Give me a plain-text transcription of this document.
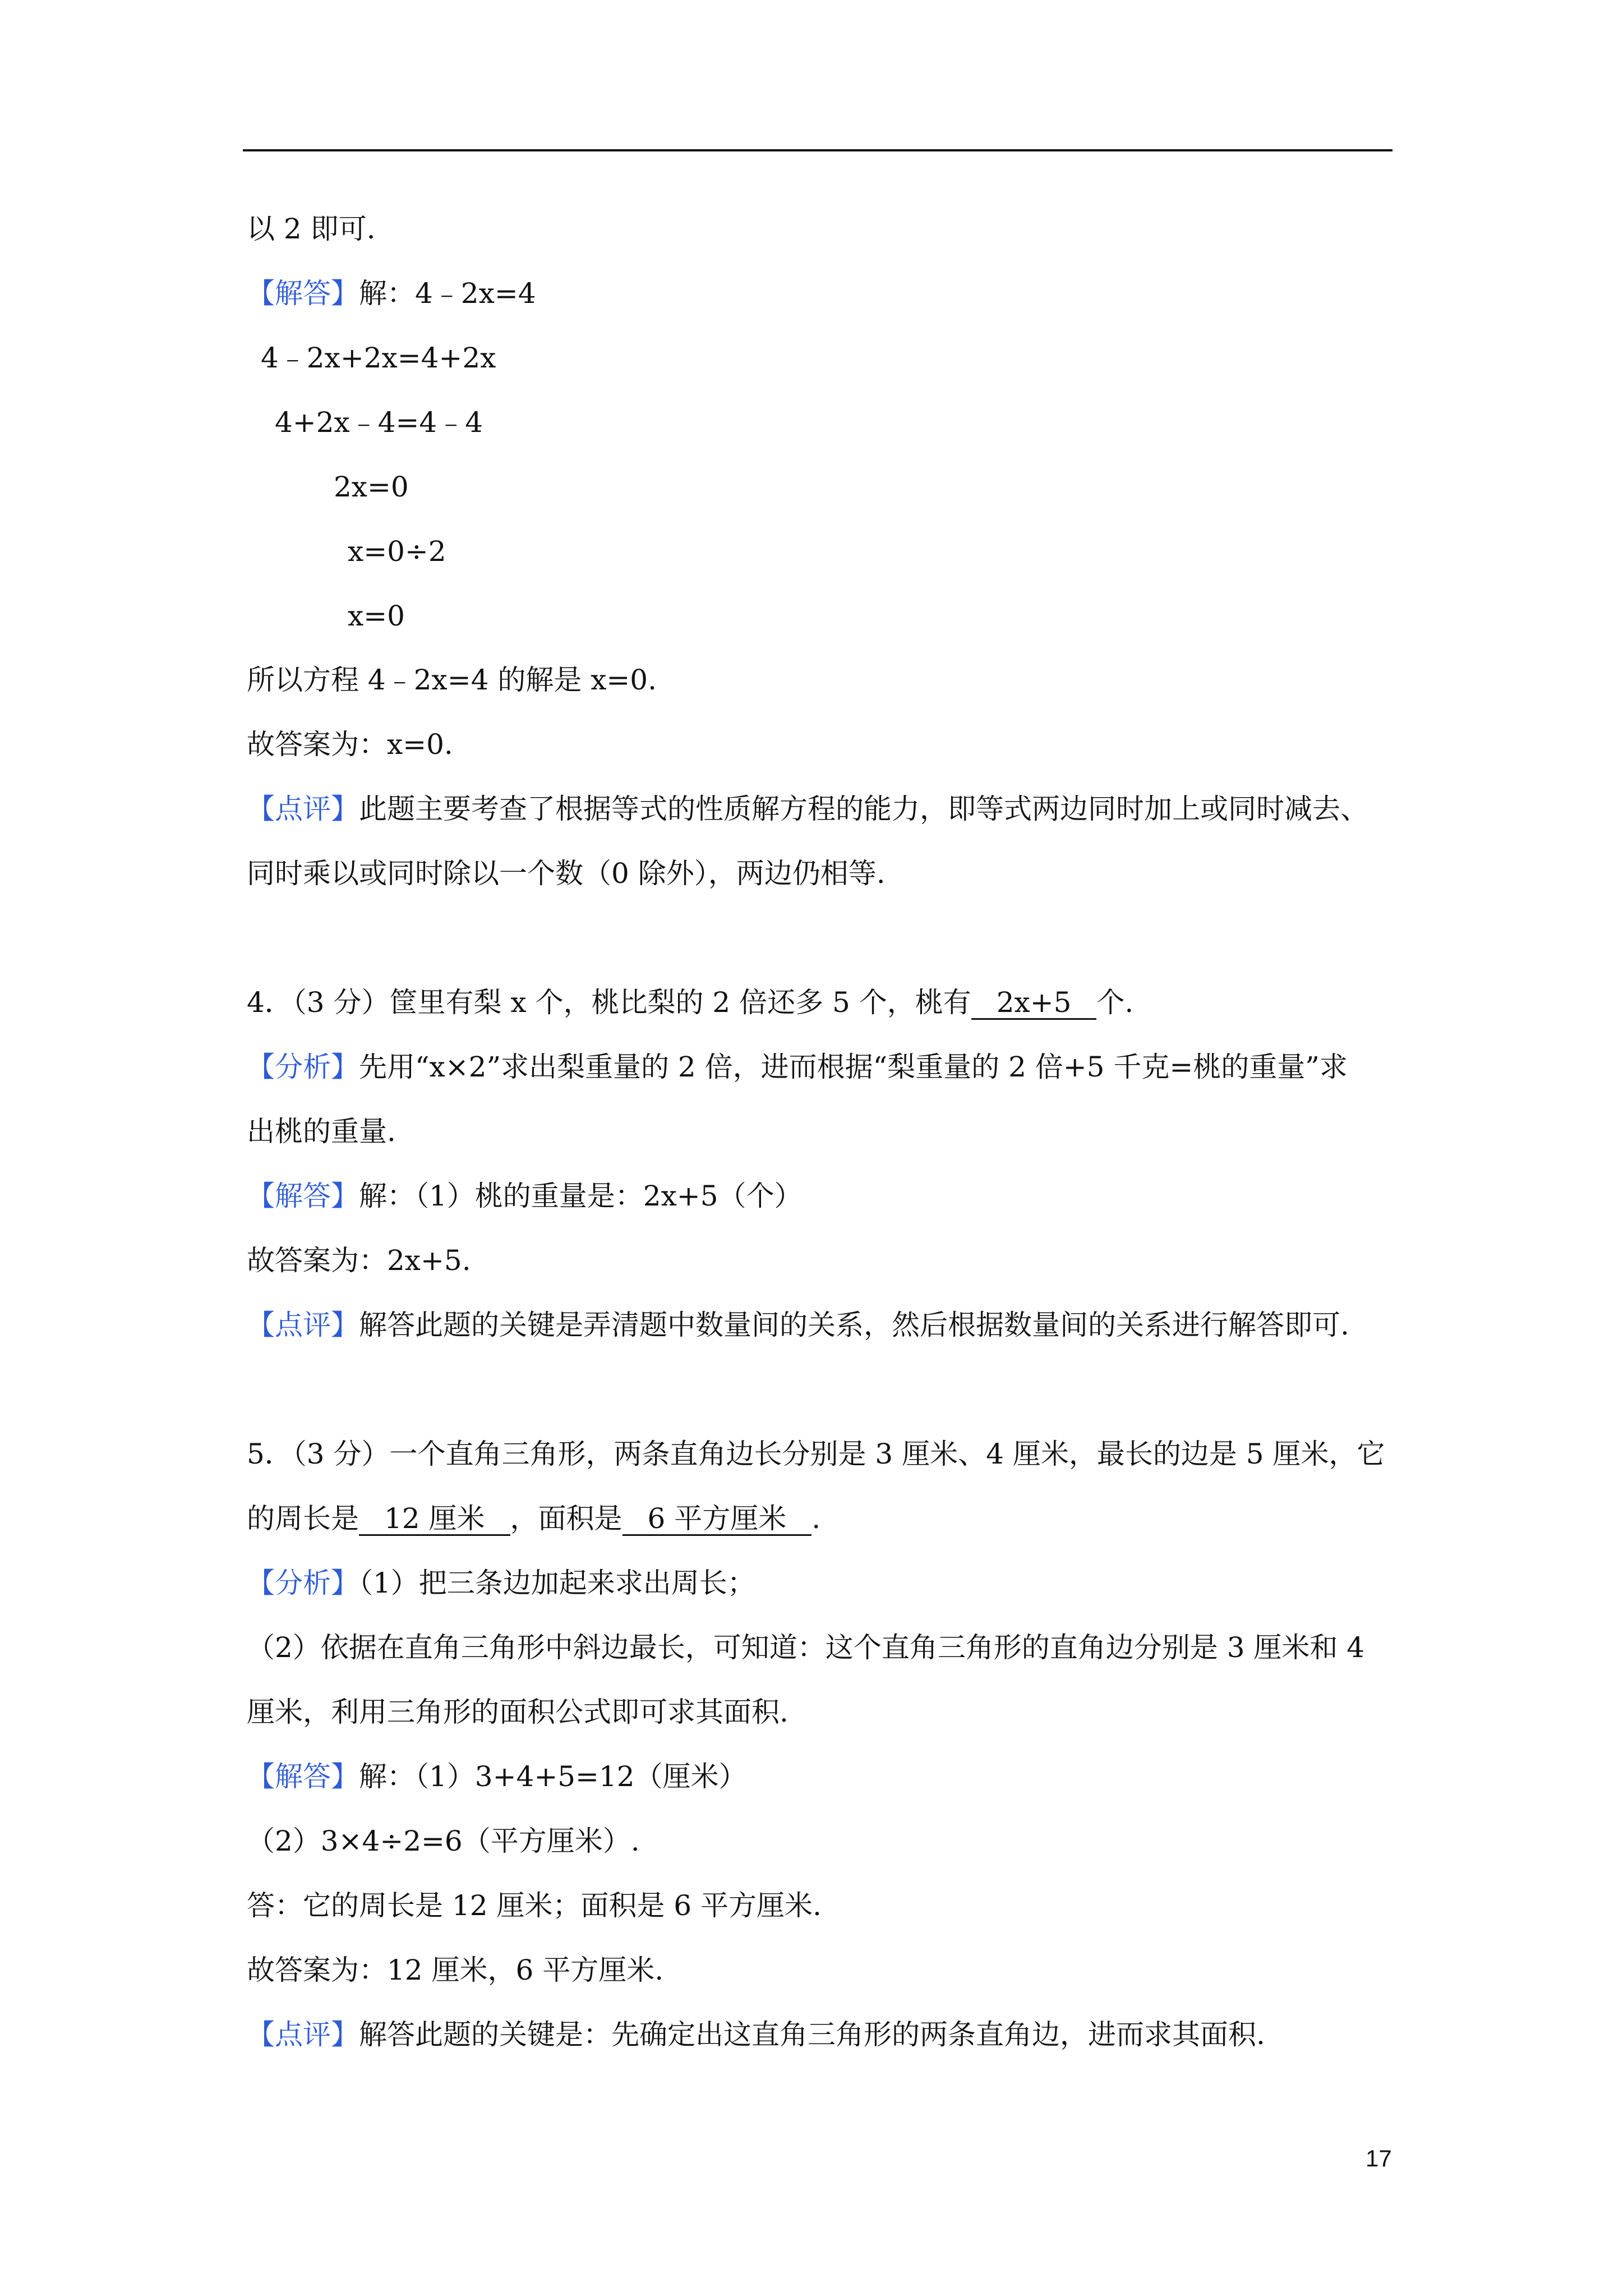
以 2 即可.
【解答】解：4﹣2x=4
4﹣2x+2x=4+2x
4+2x﹣4=4﹣4
2x=0
x=0÷2
x=0
所以方程 4﹣2x=4 的解是 x=0.
故答案为：x=0.
【点评】此题主要考查了根据等式的性质解方程的能力，即等式两边同时加上或同时减去、
同时乘以或同时除以一个数（0 除外），两边仍相等.
4．（3 分）筐里有梨 x 个，桃比梨的 2 倍还多 5 个，桃有 2x+5 个.
【分析】先用“x×2”求出梨重量的 2 倍，进而根据“梨重量的 2 倍+5 千克=桃的重量”求
出桃的重量.
【解答】解：（1）桃的重量是：2x+5（个）
故答案为：2x+5.
【点评】解答此题的关键是弄清题中数量间的关系，然后根据数量间的关系进行解答即可.
5．（3 分）一个直角三角形，两条直角边长分别是 3 厘米、4 厘米，最长的边是 5 厘米，它
的周长是 12 厘米 ，面积是 6 平方厘米 .
【分析】（1）把三条边加起来求出周长；
（2）依据在直角三角形中斜边最长，可知道：这个直角三角形的直角边分别是 3 厘米和 4
厘米，利用三角形的面积公式即可求其面积.
【解答】解：（1）3+4+5=12（厘米）
（2）3×4÷2=6（平方厘米）.
答：它的周长是 12 厘米；面积是 6 平方厘米.
故答案为：12 厘米，6 平方厘米.
【点评】解答此题的关键是：先确定出这直角三角形的两条直角边，进而求其面积.
17
